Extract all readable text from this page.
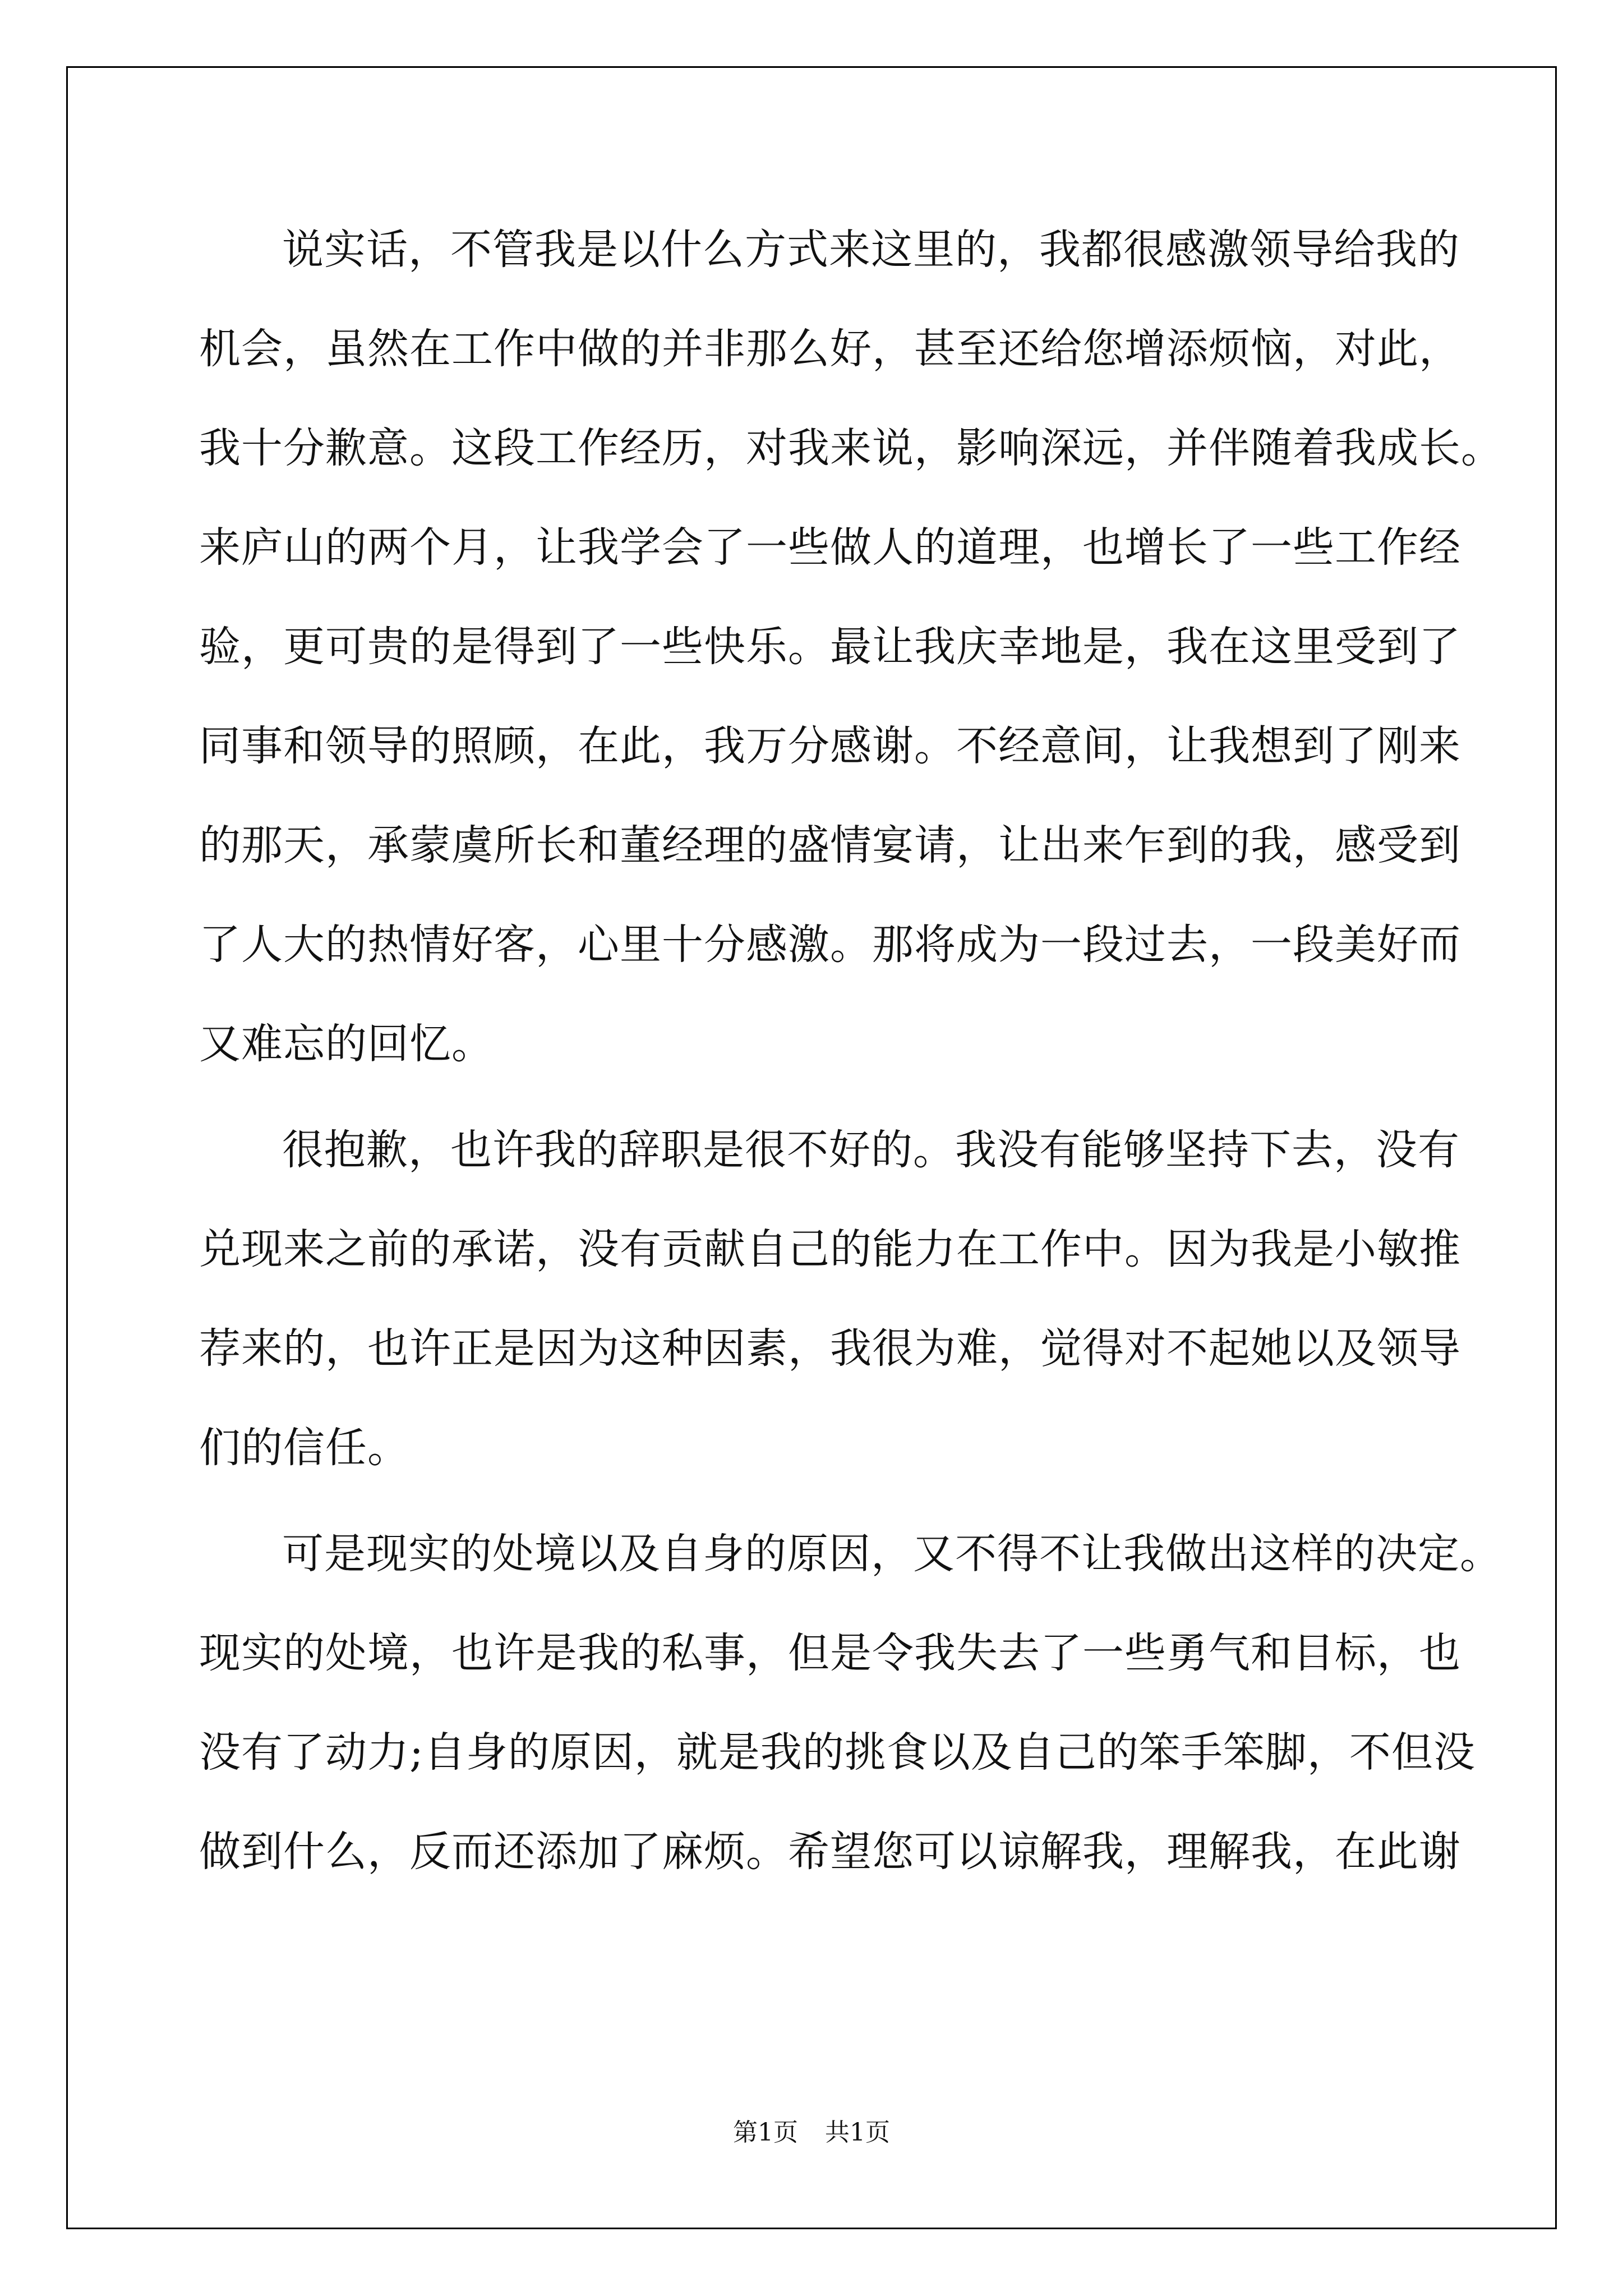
说实话，不管我是以什么方式来这里的，我都很感激领导给我的
机会，虽然在工作中做的并非那么好，甚至还给您增添烦恼，对此，
我十分歉意。这段工作经历，对我来说，影响深远，并伴随着我成长。
来庐山的两个月，让我学会了一些做人的道理，也增长了一些工作经
验，更可贵的是得到了一些快乐。最让我庆幸地是，我在这里受到了
同事和领导的照顾，在此，我万分感谢。不经意间，让我想到了刚来
的那天，承蒙虞所长和董经理的盛情宴请，让出来乍到的我，感受到
了人大的热情好客，心里十分感激。那将成为一段过去，一段美好而
又难忘的回忆。
很抱歉，也许我的辞职是很不好的。我没有能够坚持下去，没有
兑现来之前的承诺，没有贡献自己的能力在工作中。因为我是小敏推
荐来的，也许正是因为这种因素，我很为难，觉得对不起她以及领导
们的信任。
可是现实的处境以及自身的原因，又不得不让我做出这样的决定。
现实的处境，也许是我的私事，但是令我失去了一些勇气和目标，也
没有了动力;自身的原因，就是我的挑食以及自己的笨手笨脚，不但没
做到什么，反而还添加了麻烦。希望您可以谅解我，理解我，在此谢
第1页 共1页
